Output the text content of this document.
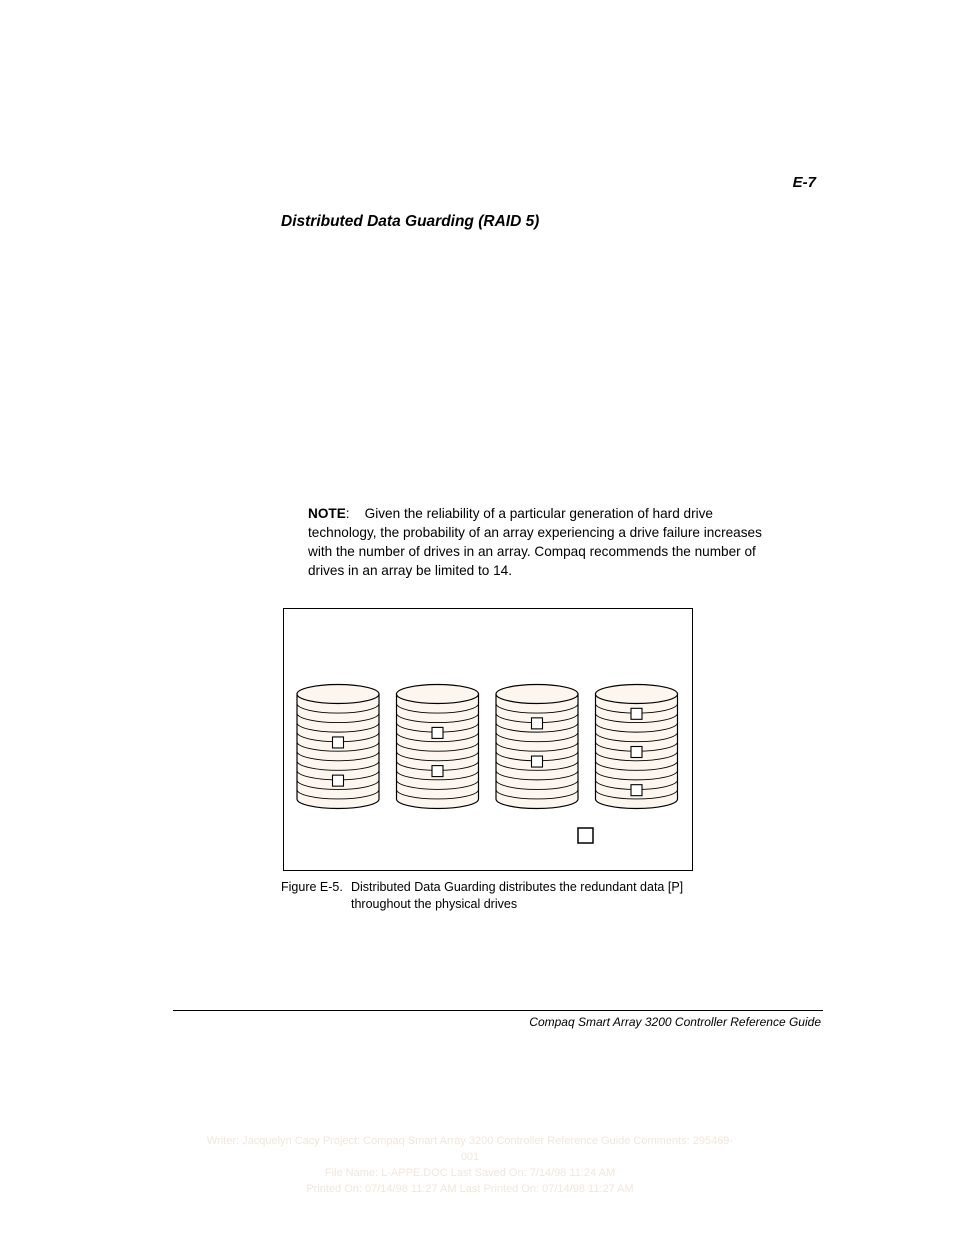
E-7
Distributed Data Guarding (RAID 5)
NOTE:    Given the reliability of a particular generation of hard drive technology, the probability of an array experiencing a drive failure increases with the number of drives in an array. Compaq recommends the number of drives in an array be limited to 14.
Figure E-5. Distributed Data Guarding distributes the redundant data [P]
throughout the physical drives
Compaq Smart Array 3200 Controller Reference Guide
Writer: Jacquelyn Cacy Project: Compaq Smart Array 3200 Controller Reference Guide Comments: 295469-001
File Name: L-APPE.DOC Last Saved On: 7/14/98 11:24 AM
Printed On: 07/14/98 11:27 AM Last Printed On: 07/14/98 11:27 AM
